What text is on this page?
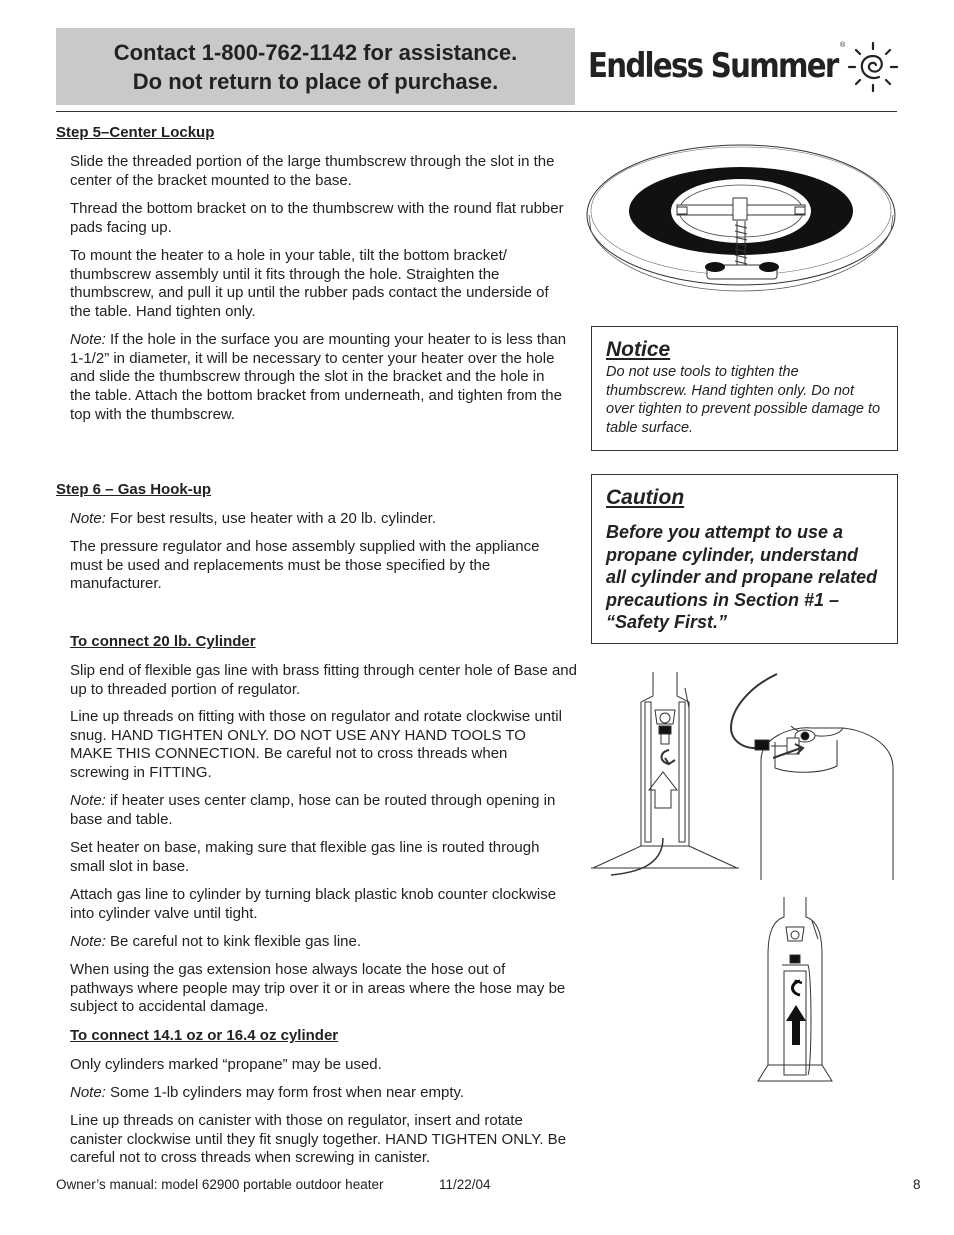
Contact 1-800-762-1142 for assistance.
Do not return to place of purchase.	Endless Summer
®
Step 5–Center Lockup
Slide the threaded portion of the large thumbscrew through the slot in the center of the bracket mounted to the base.
Thread the bottom bracket on to the thumbscrew with the round flat rubber pads facing up.
To mount the heater to a hole in your table, tilt the bottom bracket/ thumbscrew assembly until it fits through the hole. Straighten the thumbscrew, and pull it up until the rubber pads contact the underside of the table. Hand tighten only.
Note: If the hole in the surface you are mounting your heater to is less than 1-1/2” in diameter, it will be necessary to center your heater over the hole and slide the thumbscrew through the slot in the bracket and the hole in the table. Attach the bottom bracket from underneath, and tighten from the top with the thumbscrew.
Notice
Do not use tools to tighten the thumbscrew. Hand tighten only. Do not over tighten to prevent possible damage to table surface.
Step 6 – Gas Hook-up
Note: For best results, use heater with a 20 lb. cylinder.
The pressure regulator and hose assembly supplied with the appliance must be used and replacements must be those specified by the manufacturer.
Caution
Before you attempt to use a propane cylinder, understand all cylinder and propane related precautions in Section #1 – “Safety First.”
To connect 20 lb. Cylinder
Slip end of flexible gas line with brass fitting through center hole of Base and up to threaded portion of regulator.
Line up threads on fitting with those on regulator and rotate clockwise until snug. HAND TIGHTEN ONLY. DO NOT USE ANY HAND TOOLS TO MAKE THIS CONNECTION. Be careful not to cross threads when screwing in FITTING.
Note: if heater uses center clamp, hose can be routed through opening in base and table.
Set heater on base, making sure that flexible gas line is routed through small slot in base.
Attach gas line to cylinder by turning black plastic knob counter clockwise into cylinder valve until tight.
Note: Be careful not to kink flexible gas line.
When using the gas extension hose always locate the hose out of pathways where people may trip over it or in areas where the hose may be subject to accidental damage.
To connect 14.1 oz or 16.4 oz cylinder
Only cylinders marked “propane” may be used.
Note: Some 1-lb cylinders may form frost when near empty.
Line up threads on canister with those on regulator, insert and rotate canister clockwise until they fit snugly together. HAND TIGHTEN ONLY. Be careful not to cross threads when screwing in canister.
Owner’s manual: model 62900 portable outdoor heater	11/22/04	8
